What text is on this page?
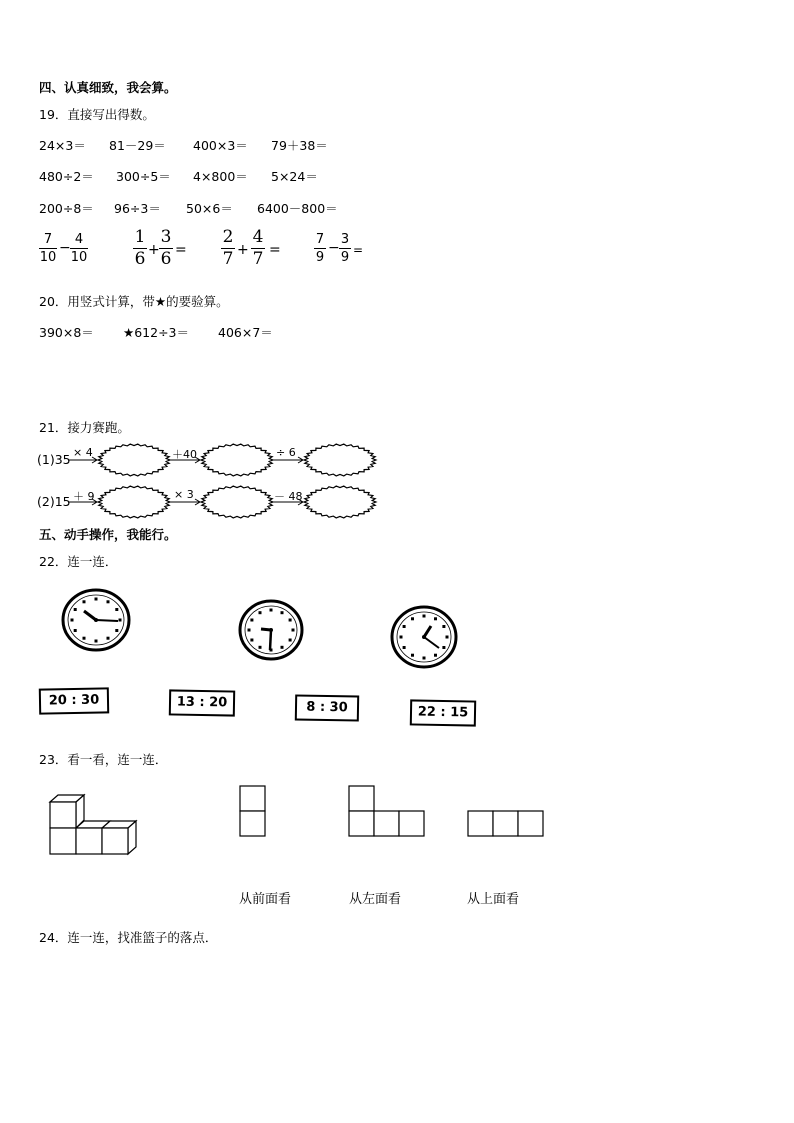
四、认真细致，我会算。
19．直接写出得数。
24×3＝ 81－29＝ 400×3＝ 79＋38＝
480÷2＝ 300÷5＝ 4×800＝ 5×24＝
200÷8＝ 96÷3＝ 50×6＝ 6400－800＝
7
10
−
4
10
1
6 +
3
6 =
2
7 +
4
7 =
7
9
−
3
9 =
20．用竖式计算，带★的要验算。
390×8＝ ★612÷3＝ 406×7＝
21．接力赛跑。
(1)35 × 4	＋40	÷ 6
(2)15 ＋ 9	× 3	－ 48
五、动手操作，我能行。
22．连一连．
20 : 30	13 : 20	8 : 30	22 : 15
23．看一看，连一连．
从前面看	从左面看	从上面看
24．连一连，找准篮子的落点．
